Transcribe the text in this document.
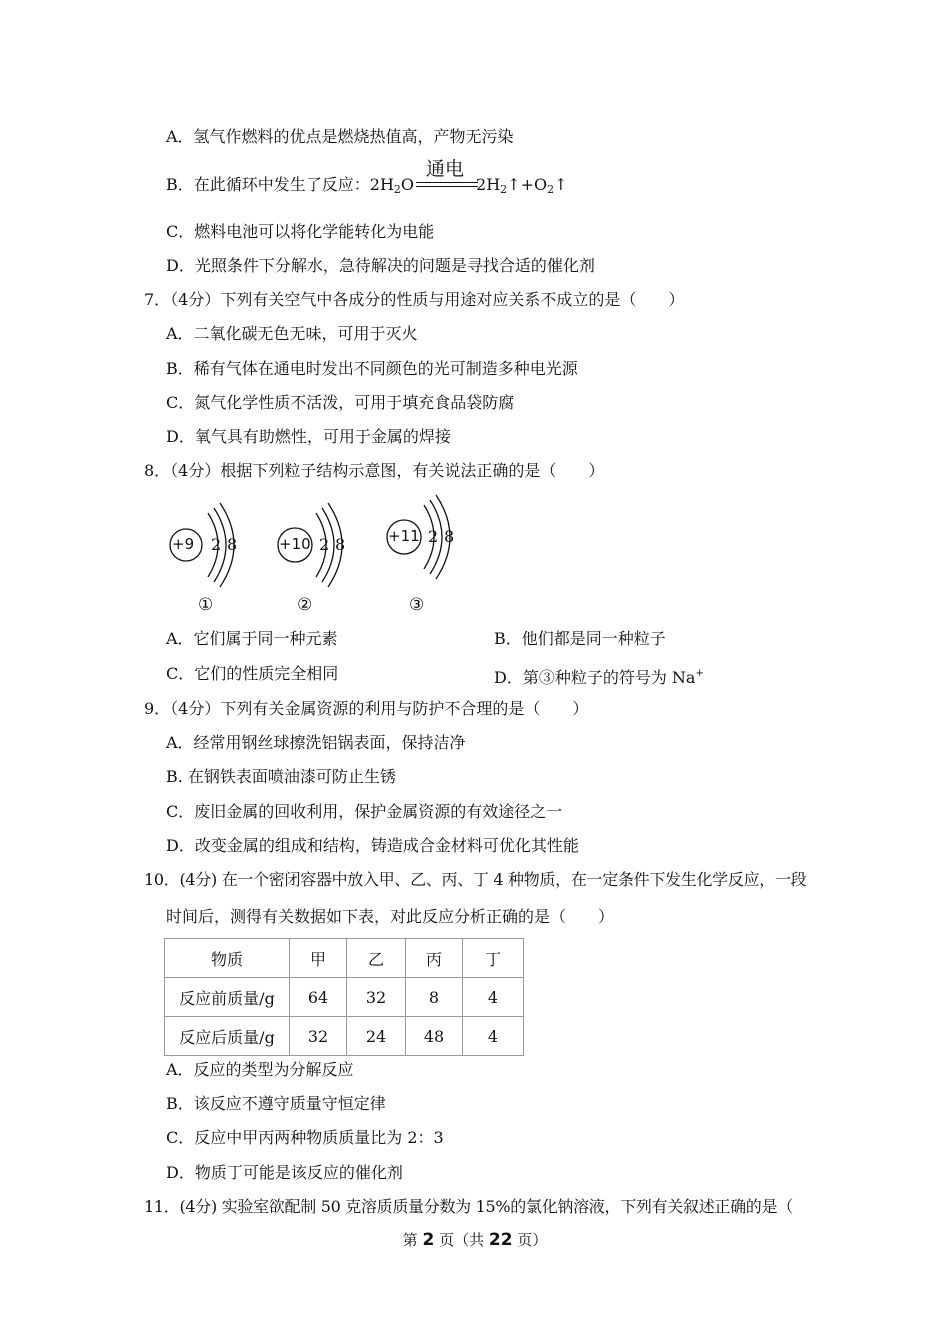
A．氢气作燃料的优点是燃烧热值高，产物无污染
B．在此循环中发生了反应：$2H_2O$	$2H_2↑+O_2↑$
通电
C．燃料电池可以将化学能转化为电能
D．光照条件下分解水，急待解决的问题是寻找合适的催化剂
7．（4分）下列有关空气中各成分的性质与用途对应关系不成立的是（　　）
A．二氧化碳无色无味，可用于灭火
B．稀有气体在通电时发出不同颜色的光可制造多种电光源
C．氮气化学性质不活泼，可用于填充食品袋防腐
D．氧气具有助燃性，可用于金属的焊接
8．（4分）根据下列粒子结构示意图，有关说法正确的是（　　）
+9 2 8
①
+10 2 8
②
+11 2 8
③
A．它们属于同一种元素	B．他们都是同一种粒子
C．它们的性质完全相同	D．第③种粒子的符号为 Na+
9．（4分）下列有关金属资源的利用与防护不合理的是（　　）
A．经常用钢丝球擦洗铝锅表面，保持洁净
B. 在钢铁表面喷油漆可防止生锈
C．废旧金属的回收利用，保护金属资源的有效途径之一
D．改变金属的组成和结构，铸造成合金材料可优化其性能
10．(4分) 在一个密闭容器中放入甲、乙、丙、丁 4 种物质，在一定条件下发生化学反应，一段
时间后，测得有关数据如下表，对此反应分析正确的是（　　）
物质	甲	乙	丙	丁
反应前质量/g	64	32	8	4
反应后质量/g	32	24	48	4
A．反应的类型为分解反应
B．该反应不遵守质量守恒定律
C．反应中甲丙两种物质质量比为 2：3
D．物质丁可能是该反应的催化剂
11．(4分) 实验室欲配制 50 克溶质质量分数为 15%的氯化钠溶液，下列有关叙述正确的是（
第 2 页（共 22 页）
